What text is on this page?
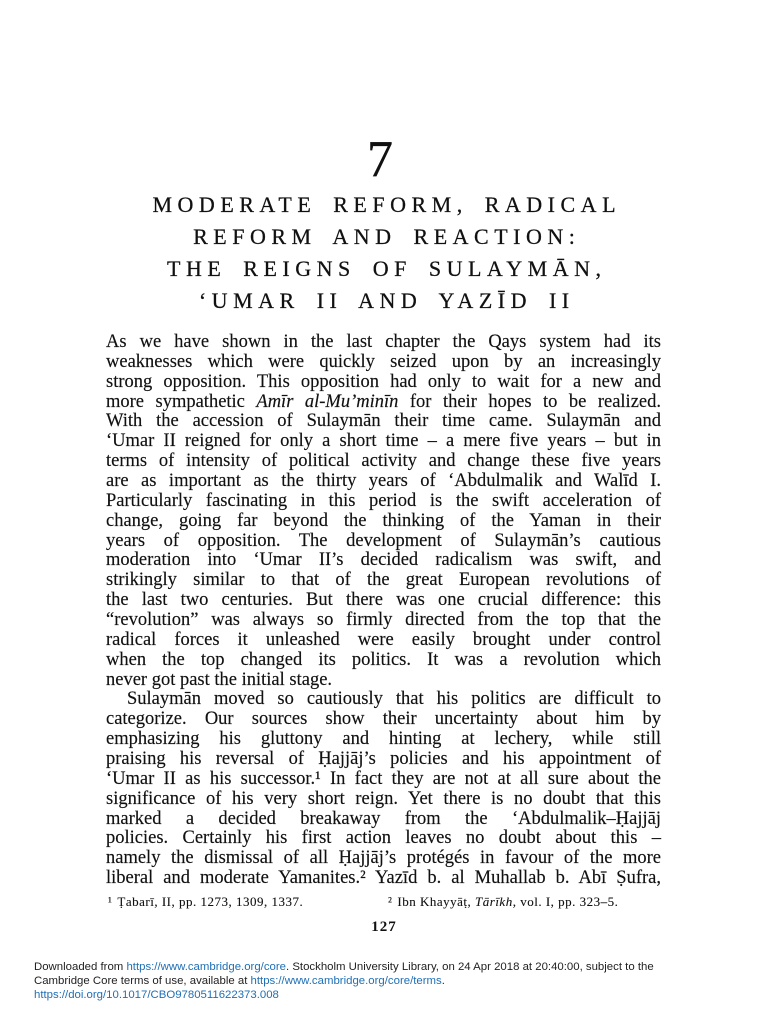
7
MODERATE REFORM, RADICAL
REFORM AND REACTION:
THE REIGNS OF SULAYMĀN,
‘UMAR II AND YAZĪD II
As we have shown in the last chapter the Qays system had its
weaknesses which were quickly seized upon by an increasingly
strong opposition. This opposition had only to wait for a new and
more sympathetic Amīr al-Mu’minīn for their hopes to be realized.
With the accession of Sulaymān their time came. Sulaymān and
‘Umar II reigned for only a short time – a mere five years – but in
terms of intensity of political activity and change these five years
are as important as the thirty years of ‘Abdulmalik and Walīd I.
Particularly fascinating in this period is the swift acceleration of
change, going far beyond the thinking of the Yaman in their
years of opposition. The development of Sulaymān’s cautious
moderation into ‘Umar II’s decided radicalism was swift, and
strikingly similar to that of the great European revolutions of
the last two centuries. But there was one crucial difference: this
“revolution” was always so firmly directed from the top that the
radical forces it unleashed were easily brought under control
when the top changed its politics. It was a revolution which
never got past the initial stage.
Sulaymān moved so cautiously that his politics are difficult to
categorize. Our sources show their uncertainty about him by
emphasizing his gluttony and hinting at lechery, while still
praising his reversal of Ḥajjāj’s policies and his appointment of
‘Umar II as his successor.¹ In fact they are not at all sure about the
significance of his very short reign. Yet there is no doubt that this
marked a decided breakaway from the ‘Abdulmalik–Ḥajjāj
policies. Certainly his first action leaves no doubt about this –
namely the dismissal of all Ḥajjāj’s protégés in favour of the more
liberal and moderate Yamanites.² Yazīd b. al Muhallab b. Abī Ṣufra,
¹ Ṭabarī, II, pp. 1273, 1309, 1337.	² Ibn Khayyāṭ, Tārīkh, vol. I, pp. 323–5.
127
Downloaded from https://www.cambridge.org/core. Stockholm University Library, on 24 Apr 2018 at 20:40:00, subject to the
Cambridge Core terms of use, available at https://www.cambridge.org/core/terms.
https://doi.org/10.1017/CBO9780511622373.008
